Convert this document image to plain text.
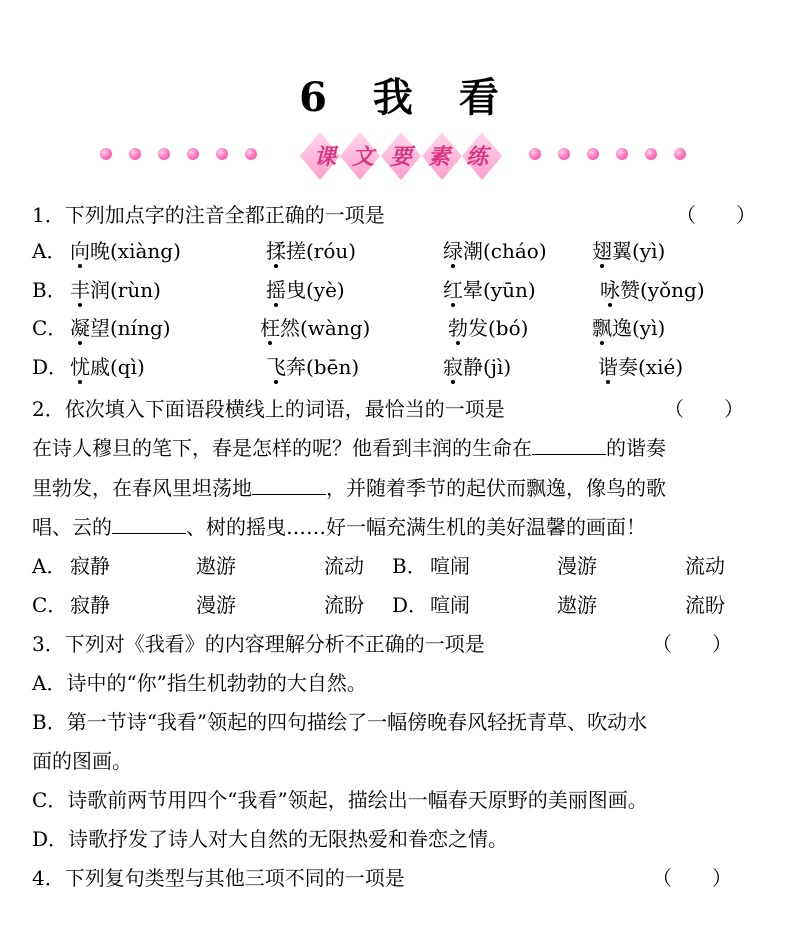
6 我 看
课 文 要 素 练
1．下列加点字的注音全都正确的一项是	（　　）
A． 向晚(xiàng)	揉搓(róu)	绿潮(cháo) 翅翼(yì)
B． 丰润(rùn)	摇曳(yè)	红晕(yūn)	咏赞(yǒng)
C． 凝望(níng)	枉然(wàng)	勃发(bó)	飘逸(yì)
D． 忧戚(qì)	飞奔(bēn)	寂静(jì)	谐奏(xié)
2．依次填入下面语段横线上的词语，最恰当的一项是	（　　）
在诗人穆旦的笔下，春是怎样的呢？他看到丰润的生命在	的谐奏
里勃发，在春风里坦荡地	，并随着季节的起伏而飘逸，像鸟的歌
唱、云的	、树的摇曳……好一幅充满生机的美好温馨的画面！
A． 寂静	遨游	流动 B． 喧闹	漫游	流动
C． 寂静	漫游	流盼 D． 喧闹	遨游	流盼
3．下列对《我看》的内容理解分析不正确的一项是	（　　）
A．诗中的“你”指生机勃勃的大自然。
B．第一节诗“我看”领起的四句描绘了一幅傍晚春风轻抚青草、吹动水
面的图画。
C．诗歌前两节用四个“我看”领起，描绘出一幅春天原野的美丽图画。
D．诗歌抒发了诗人对大自然的无限热爱和眷恋之情。
4．下列复句类型与其他三项不同的一项是	（　　）
